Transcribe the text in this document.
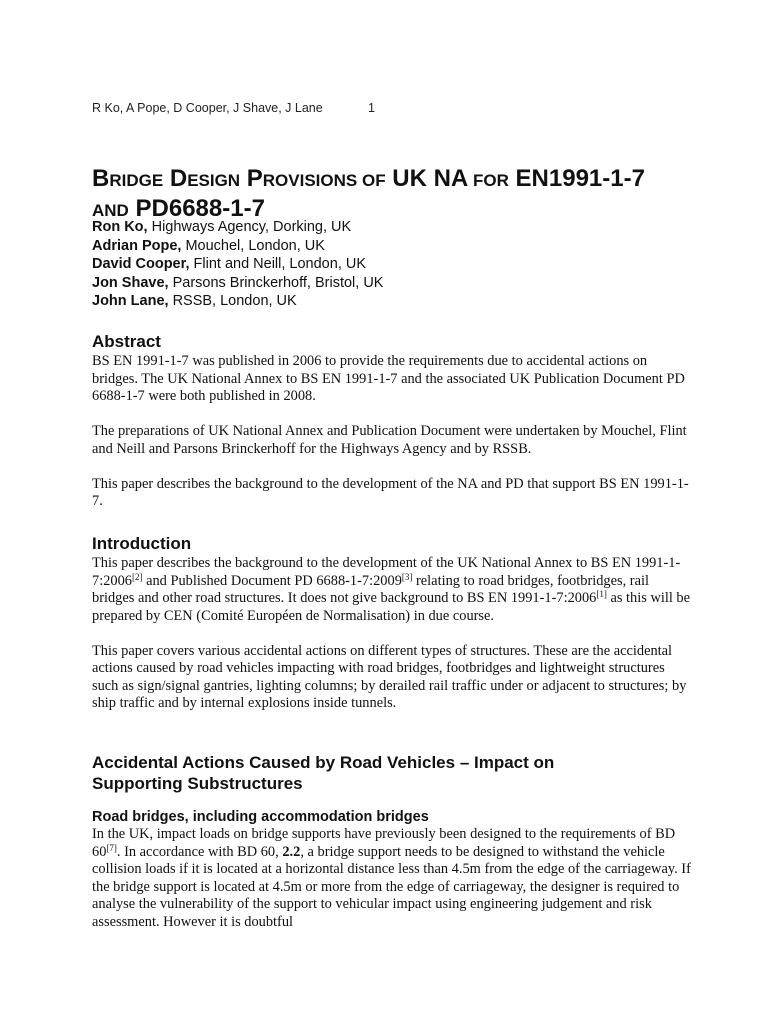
R Ko, A Pope, D Cooper, J Shave, J Lane	1
BRIDGE DESIGN PROVISIONS OF UK NA FOR EN1991-1-7
AND PD6688-1-7
Ron Ko, Highways Agency, Dorking, UK
Adrian Pope, Mouchel, London, UK
David Cooper, Flint and Neill, London, UK
Jon Shave, Parsons Brinckerhoff, Bristol, UK
John Lane, RSSB, London, UK
Abstract

BS EN 1991-1-7 was published in 2006 to provide the requirements due to accidental actions on bridges. The UK National Annex to BS EN 1991-1-7 and the associated UK Publication Document PD 6688-1-7 were both published in 2008.

The preparations of UK National Annex and Publication Document were undertaken by Mouchel, Flint and Neill and Parsons Brinckerhoff for the Highways Agency and by RSSB.

This paper describes the background to the development of the NA and PD that support BS EN 1991-1-7.

Introduction

This paper describes the background to the development of the UK National Annex to BS EN 1991-1-7:2006[2] and Published Document PD 6688-1-7:2009[3] relating to road bridges, footbridges, rail bridges and other road structures. It does not give background to BS EN 1991-1-7:2006[1] as this will be prepared by CEN (Comité Européen de Normalisation) in due course.

This paper covers various accidental actions on different types of structures. These are the accidental actions caused by road vehicles impacting with road bridges, footbridges and lightweight structures such as sign/signal gantries, lighting columns; by derailed rail traffic under or adjacent to structures; by ship traffic and by internal explosions inside tunnels.

Accidental Actions Caused by Road Vehicles – Impact on
Supporting Substructures
Road bridges, including accommodation bridges

In the UK, impact loads on bridge supports have previously been designed to the requirements of BD 60[7]. In accordance with BD 60, 2.2, a bridge support needs to be designed to withstand the vehicle collision loads if it is located at a horizontal distance less than 4.5m from the edge of the carriageway. If the bridge support is located at 4.5m or more from the edge of carriageway, the designer is required to analyse the vulnerability of the support to vehicular impact using engineering judgement and risk assessment. However it is doubtful
